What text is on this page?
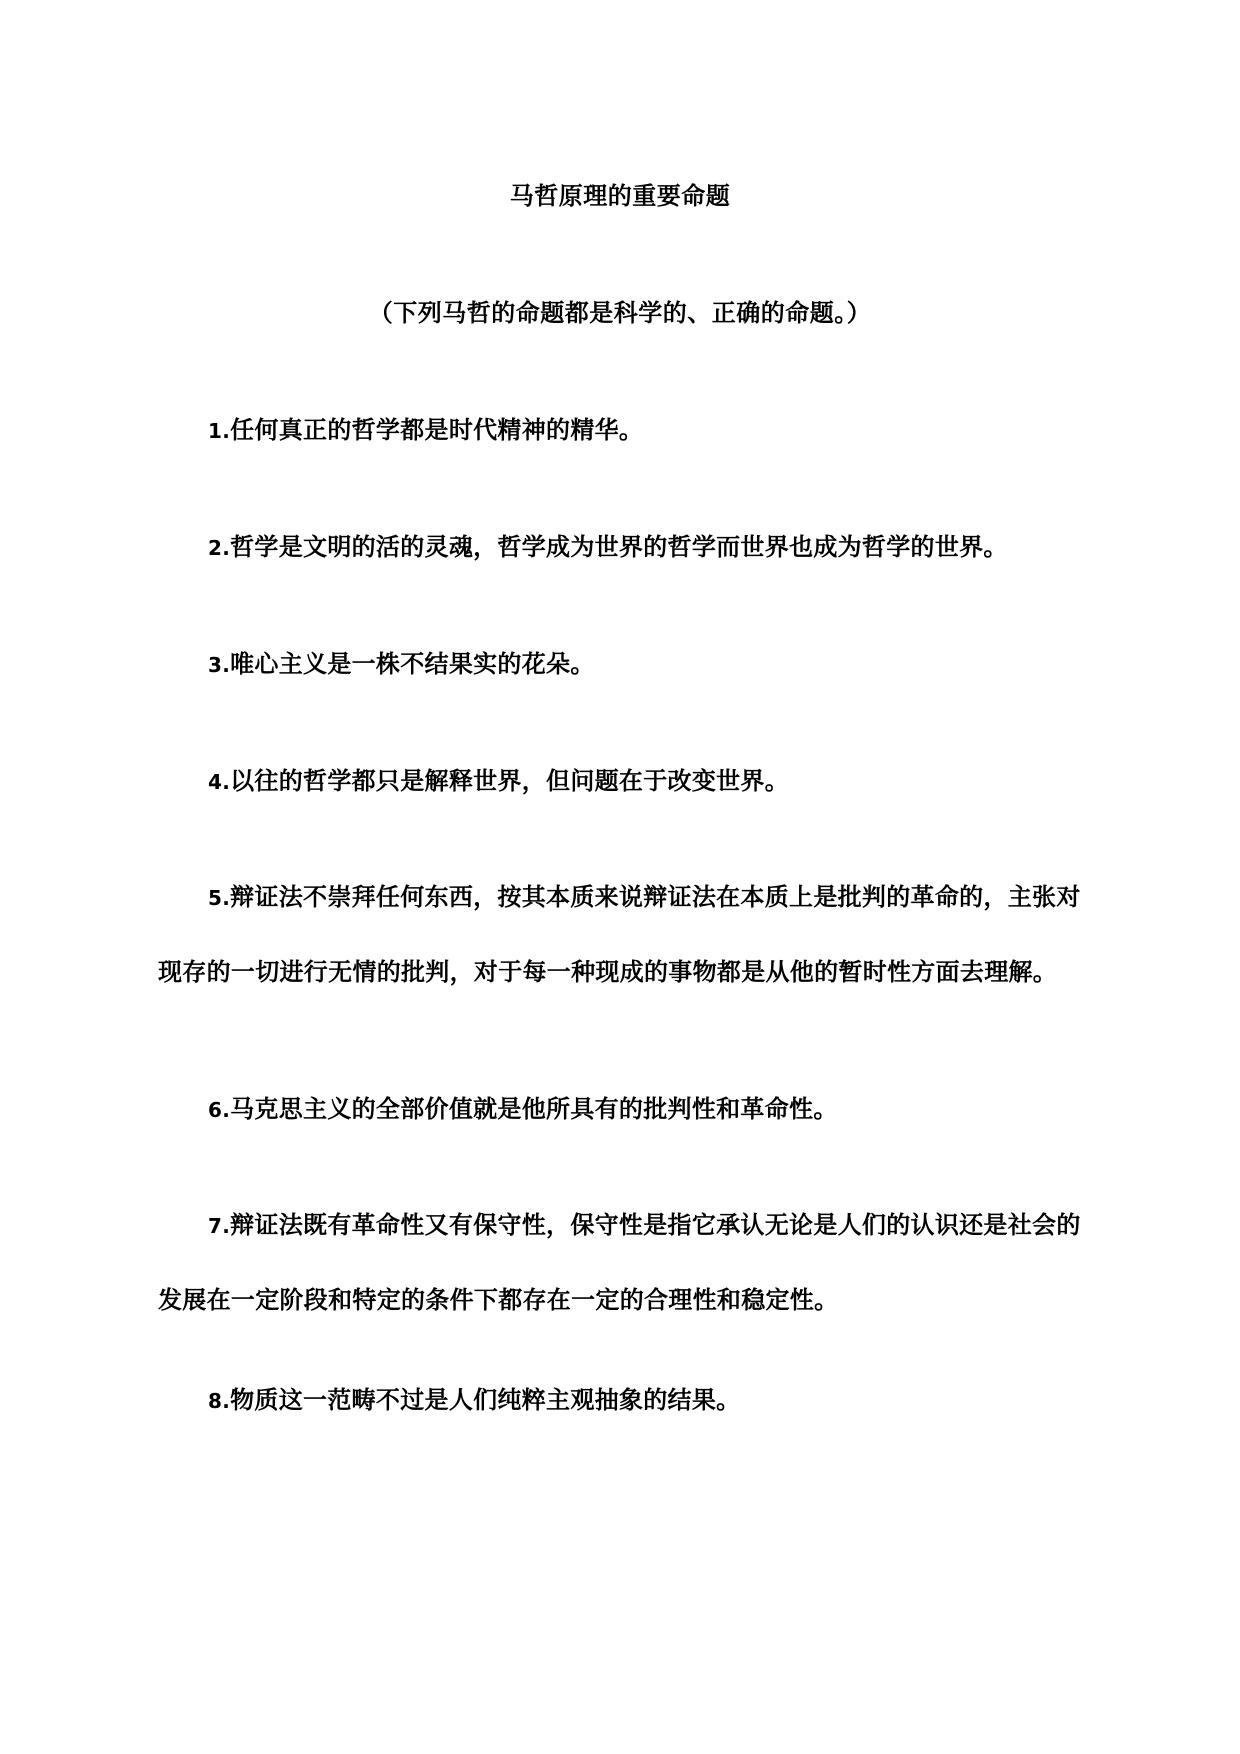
马哲原理的重要命题
（下列马哲的命题都是科学的、正确的命题。）

1.任何真正的哲学都是时代精神的精华。

2.哲学是文明的活的灵魂，哲学成为世界的哲学而世界也成为哲学的世界。

3.唯心主义是一株不结果实的花朵。

4.以往的哲学都只是解释世界，但问题在于改变世界。

5.辩证法不崇拜任何东西，按其本质来说辩证法在本质上是批判的革命的，主张对现存的一切进行无情的批判，对于每一种现成的事物都是从他的暂时性方面去理解。

6.马克思主义的全部价值就是他所具有的批判性和革命性。

7.辩证法既有革命性又有保守性，保守性是指它承认无论是人们的认识还是社会的发展在一定阶段和特定的条件下都存在一定的合理性和稳定性。

8.物质这一范畴不过是人们纯粹主观抽象的结果。
